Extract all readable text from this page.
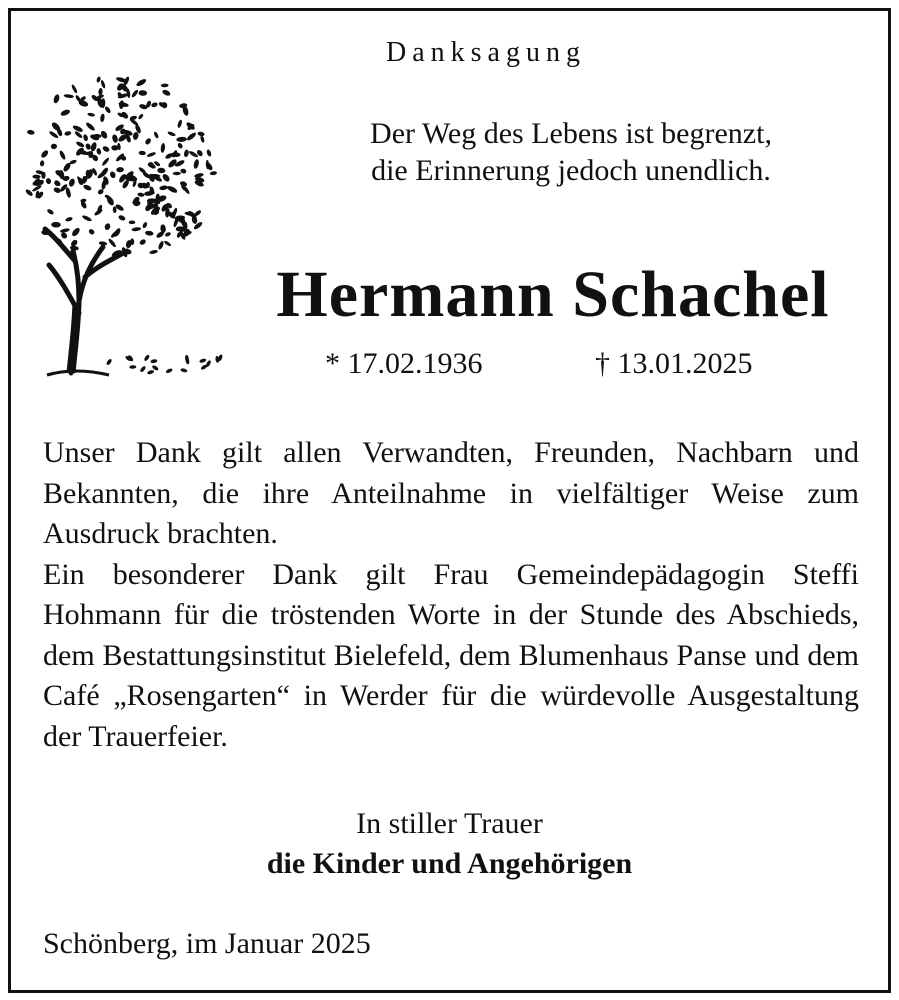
Danksagung
Der Weg des Lebens ist begrenzt,
die Erinnerung jedoch unendlich.
Hermann Schachel
* 17.02.1936	† 13.01.2025

Unser Dank gilt allen Verwandten, Freunden, Nachbarn und Bekannten, die ihre Anteilnahme in vielfältiger Weise zum Ausdruck brachten.

Ein besonderer Dank gilt Frau Gemeindepädagogin Steffi Hohmann für die tröstenden Worte in der Stunde des Abschieds, dem Bestattungsinstitut Bielefeld, dem Blumenhaus Panse und dem Café „Rosengarten“ in Werder für die würdevolle Ausgestaltung der Trauerfeier.

In stiller Trauer
die Kinder und Angehörigen
Schönberg, im Januar 2025
